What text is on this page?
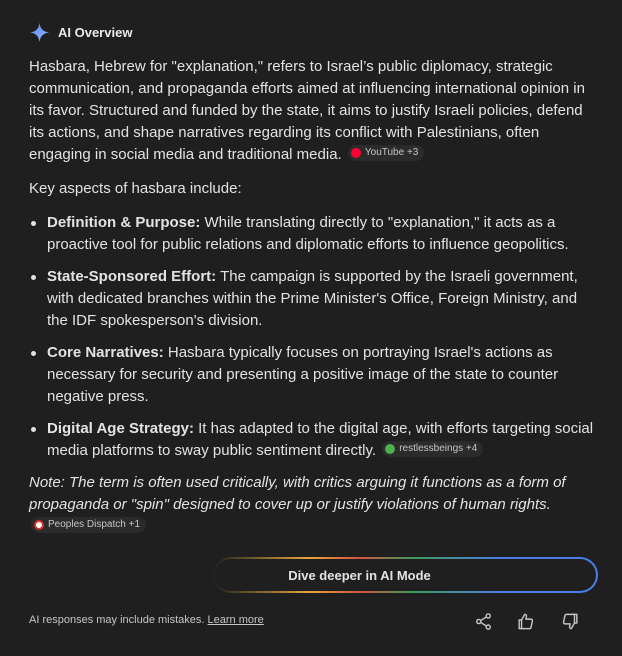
AI Overview

Hasbara, Hebrew for "explanation," refers to Israel’s public diplomacy, strategic communication, and propaganda efforts aimed at influencing international opinion in its favor. Structured and funded by the state, it aims to justify Israeli policies, defend its actions, and shape narratives regarding its conflict with Palestinians, often engaging in social media and traditional media. YouTube +3

Key aspects of hasbara include:

Definition & Purpose: While translating directly to "explanation," it acts as a proactive tool for public relations and diplomatic efforts to influence geopolitics.
State-Sponsored Effort: The campaign is supported by the Israeli government, with dedicated branches within the Prime Minister's Office, Foreign Ministry, and the IDF spokesperson's division.
Core Narratives: Hasbara typically focuses on portraying Israel's actions as necessary for security and presenting a positive image of the state to counter negative press.
Digital Age Strategy: It has adapted to the digital age, with efforts targeting social media platforms to sway public sentiment directly. restlessbeings +4

Note: The term is often used critically, with critics arguing it functions as a form of propaganda or "spin" designed to cover up or justify violations of human rights.
Peoples Dispatch +1

Dive deeper in AI Mode
AI responses may include mistakes. Learn more
